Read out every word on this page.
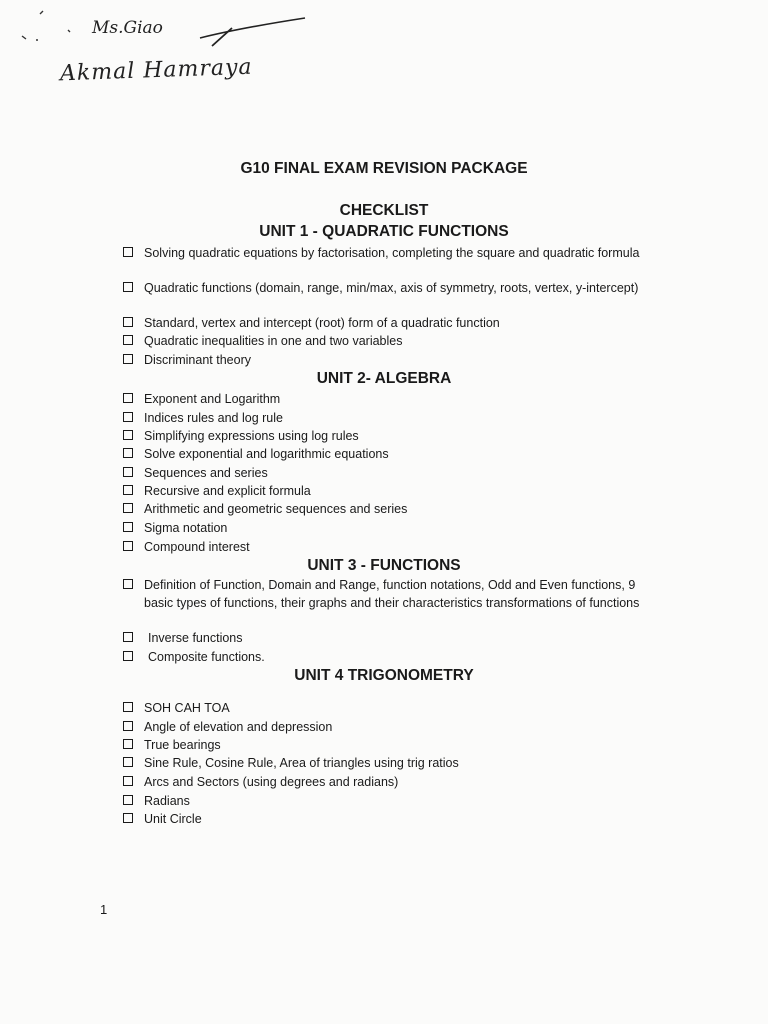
Ms.Giao
Akmal Hamraya
G10 FINAL EXAM REVISION PACKAGE
CHECKLIST
UNIT 1 - QUADRATIC FUNCTIONS
Solving quadratic equations by factorisation, completing the square and quadratic formula
Quadratic functions (domain, range, min/max, axis of symmetry, roots, vertex, y-intercept)
Standard, vertex and intercept (root) form of a quadratic function
Quadratic inequalities in one and two variables
Discriminant theory
UNIT 2- ALGEBRA
Exponent and Logarithm
Indices rules and log rule
Simplifying expressions using log rules
Solve exponential and logarithmic equations
Sequences and series
Recursive and explicit formula
Arithmetic and geometric sequences and series
Sigma notation
Compound interest
UNIT 3 - FUNCTIONS
Definition of Function, Domain and Range, function notations, Odd and Even functions, 9 basic types of functions, their graphs and their characteristics transformations of functions
Inverse functions
Composite functions.
UNIT 4 TRIGONOMETRY
SOH CAH TOA
Angle of elevation and depression
True bearings
Sine Rule, Cosine Rule, Area of triangles using trig ratios
Arcs and Sectors (using degrees and radians)
Radians
Unit Circle
1
